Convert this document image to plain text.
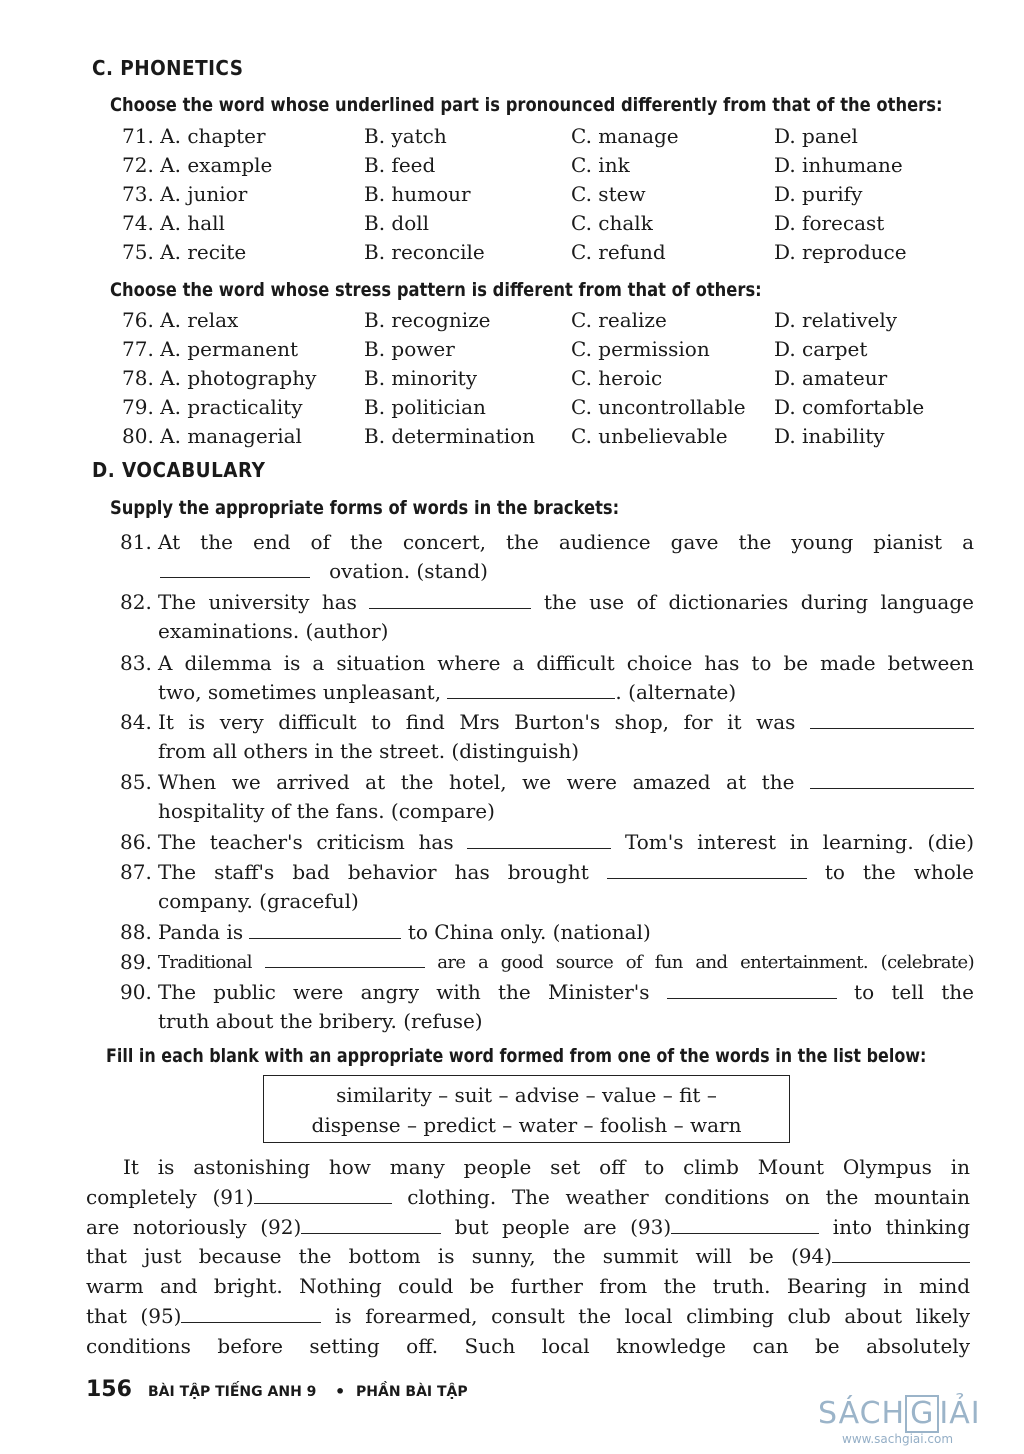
C. PHONETICS
Choose the word whose underlined part is pronounced differently from that of the others:
71. A. chapter	B. yatch	C. manage	D. panel
72. A. example	B. feed	C. ink	D. inhumane
73. A. junior	B. humour	C. stew	D. purify
74. A. hall	B. doll	C. chalk	D. forecast
75. A. recite	B. reconcile	C. refund	D. reproduce
Choose the word whose stress pattern is different from that of others:
76. A. relax	B. recognize	C. realize	D. relatively
77. A. permanent	B. power	C. permission	D. carpet
78. A. photography B. minority	C. heroic	D. amateur
79. A. practicality	B. politician	C. uncontrollable D. comfortable
80. A. managerial	B. determination C. unbelievable D. inability
D. VOCABULARY
Supply the appropriate forms of words in the brackets:
81. At the end of the concert, the audience gave the young pianist a
ovation. (stand)
82. The university has	the use of dictionaries during language
examinations. (author)
83. A dilemma is a situation where a difficult choice has to be made between
two, sometimes unpleasant,	. (alternate)
84. It is very difficult to find Mrs Burton's shop, for it was
from all others in the street. (distinguish)
85. When we arrived at the hotel, we were amazed at the
hospitality of the fans. (compare)
86. The teacher's criticism has	Tom's interest in learning. (die)
87. The staff's bad behavior has brought	to the whole
company. (graceful)
88. Panda is	to China only. (national)
89. Traditional	are a good source of fun and entertainment. (celebrate)
90. The public were angry with the Minister's	to tell the
truth about the bribery. (refuse)
Fill in each blank with an appropriate word formed from one of the words in the list below:
similarity – suit – advise – value – fit –
dispense – predict – water – foolish – warn
It is astonishing how many people set off to climb Mount Olympus in
completely (91)	clothing. The weather conditions on the mountain
are notoriously (92)	but people are (93)	into thinking
that just because the bottom is sunny, the summit will be (94)
warm and bright. Nothing could be further from the truth. Bearing in mind
that (95)	is forearmed, consult the local climbing club about likely
conditions before setting off. Such local knowledge can be absolutely
156 BÀI TẬP TIẾNG ANH 9 • PHẦN BÀI TẬP
SÁCH G IẢI
www.sachgiai.com
